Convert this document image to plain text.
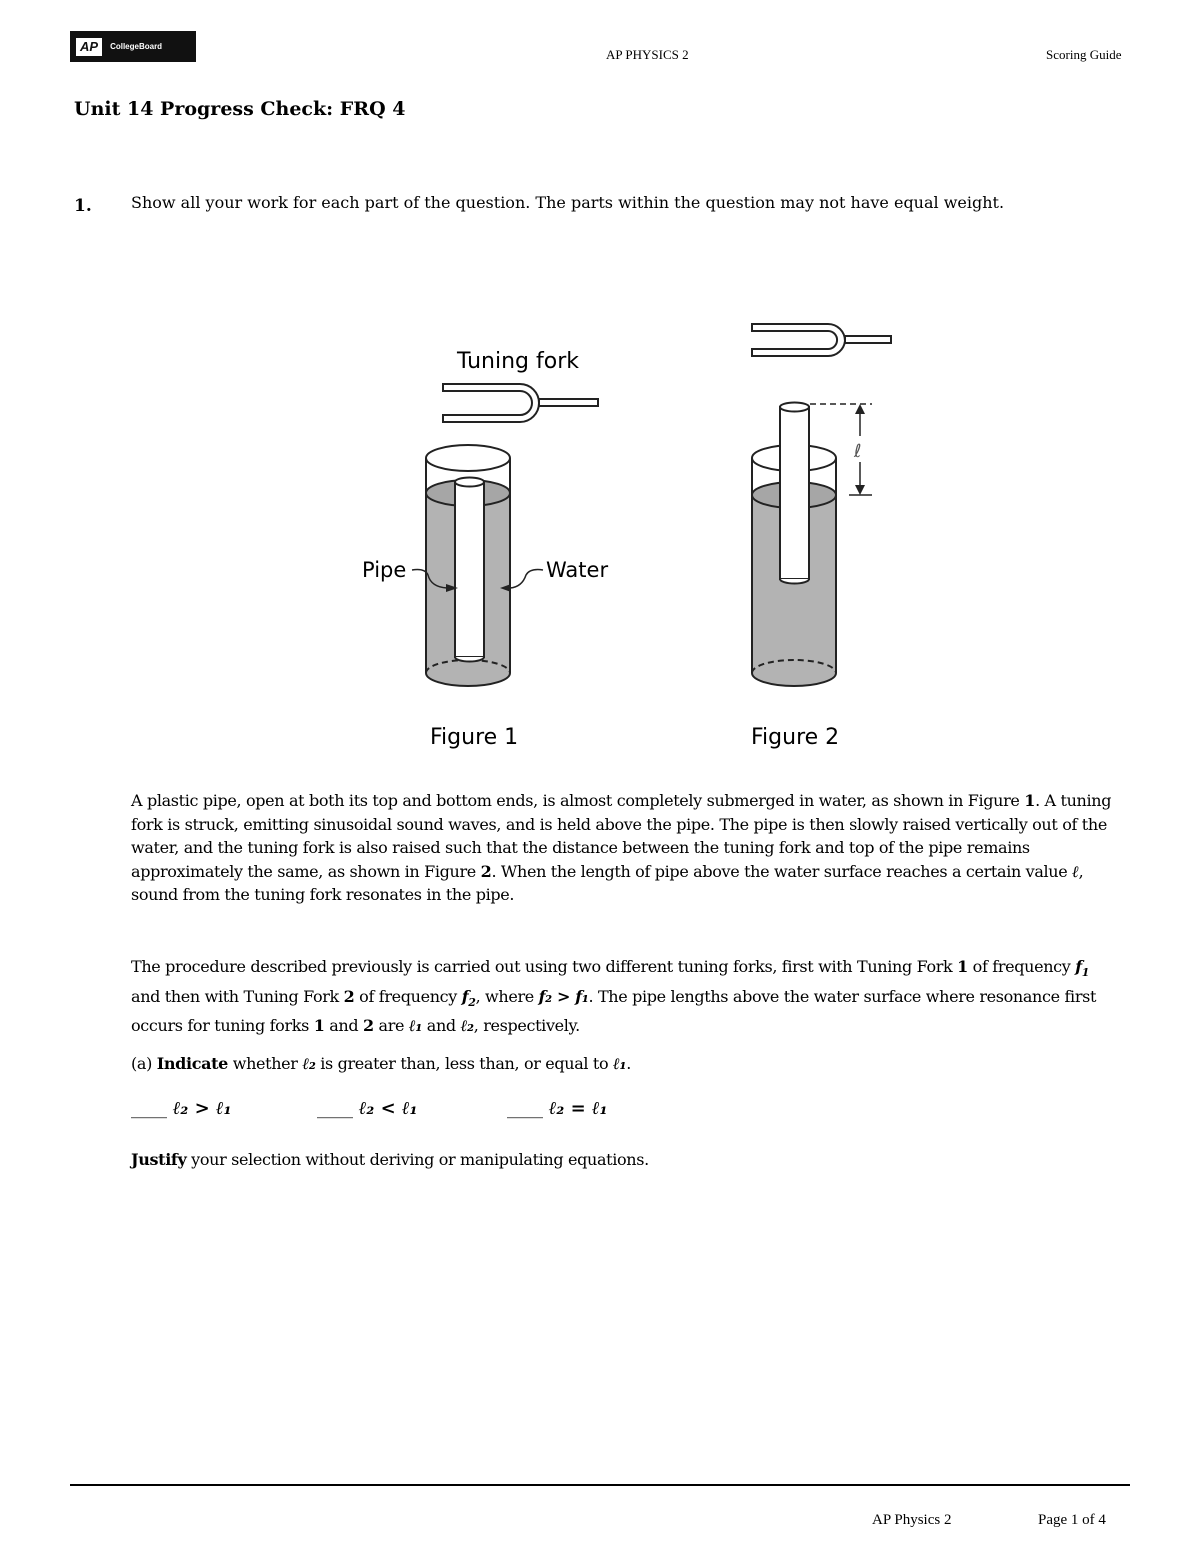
AP	CollegeBoard
AP PHYSICS 2	Scoring Guide
Unit 14 Progress Check: FRQ 4
1. Show all your work for each part of the question. The parts within the question may not have equal weight.
Tuning fork
Pipe	Water
Figure 1
ℓ
Figure 2
A plastic pipe, open at both its top and bottom ends, is almost completely submerged in water, as shown in Figure 1. A tuning fork is struck, emitting sinusoidal sound waves, and is held above the pipe. The pipe is then slowly raised vertically out of the water, and the tuning fork is also raised such that the distance between the tuning fork and top of the pipe remains approximately the same, as shown in Figure 2. When the length of pipe above the water surface reaches a certain value ℓ, sound from the tuning fork resonates in the pipe.
The procedure described previously is carried out using two different tuning forks, first with Tuning Fork 1 of frequency $f_1$ and then with Tuning Fork 2 of frequency $f_2$, where f₂ > f₁. The pipe lengths above the water surface where resonance first occurs for tuning forks 1 and 2 are ℓ₁ and ℓ₂, respectively.
(a) Indicate whether ℓ₂ is greater than, less than, or equal to ℓ₁.
____ ℓ₂ > ℓ₁	____ ℓ₂ < ℓ₁	____ ℓ₂ = ℓ₁
Justify your selection without deriving or manipulating equations.
AP Physics 2	Page 1 of 4
